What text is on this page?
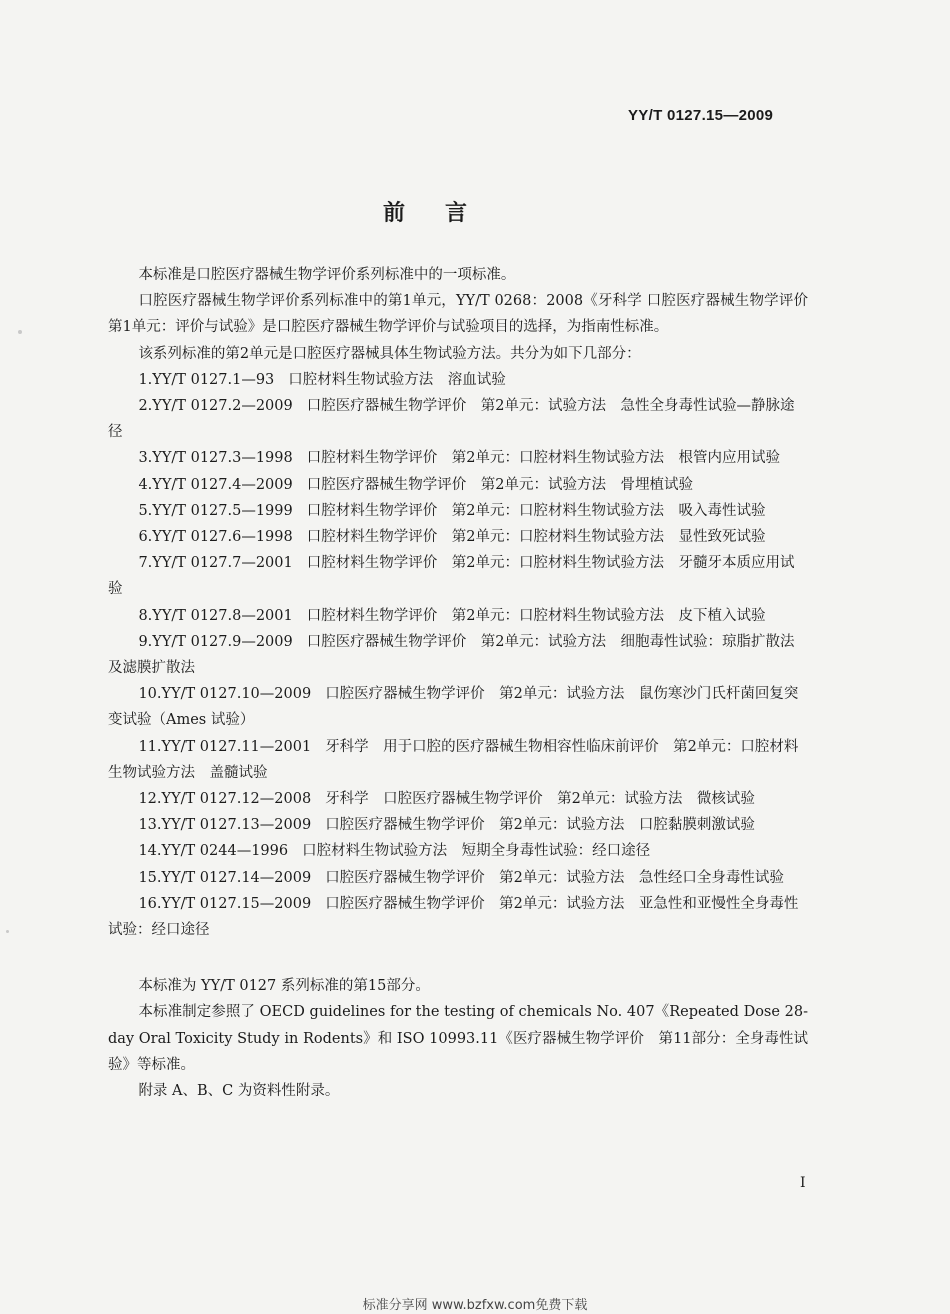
YY/T 0127.15—2009
前言

本标准是口腔医疗器械生物学评价系列标准中的一项标准。

口腔医疗器械生物学评价系列标准中的第1单元，YY/T 0268：2008《牙科学 口腔医疗器械生物学评价 第1单元：评价与试验》是口腔医疗器械生物学评价与试验项目的选择，为指南性标准。

该系列标准的第2单元是口腔医疗器械具体生物试验方法。共分为如下几部分：

1.YY/T 0127.1—93 口腔材料生物试验方法　溶血试验
2.YY/T 0127.2—2009 口腔医疗器械生物学评价　第2单元：试验方法　急性全身毒性试验—静脉途径
3.YY/T 0127.3—1998 口腔材料生物学评价　第2单元：口腔材料生物试验方法　根管内应用试验
4.YY/T 0127.4—2009 口腔医疗器械生物学评价　第2单元：试验方法　骨埋植试验
5.YY/T 0127.5—1999 口腔材料生物学评价　第2单元：口腔材料生物试验方法　吸入毒性试验
6.YY/T 0127.6—1998 口腔材料生物学评价　第2单元：口腔材料生物试验方法　显性致死试验
7.YY/T 0127.7—2001 口腔材料生物学评价　第2单元：口腔材料生物试验方法　牙髓牙本质应用试验
8.YY/T 0127.8—2001 口腔材料生物学评价　第2单元：口腔材料生物试验方法　皮下植入试验
9.YY/T 0127.9—2009 口腔医疗器械生物学评价　第2单元：试验方法　细胞毒性试验：琼脂扩散法及滤膜扩散法
10.YY/T 0127.10—2009 口腔医疗器械生物学评价　第2单元：试验方法　鼠伤寒沙门氏杆菌回复突变试验（Ames 试验）
11.YY/T 0127.11—2001 牙科学　用于口腔的医疗器械生物相容性临床前评价　第2单元：口腔材料生物试验方法　盖髓试验
12.YY/T 0127.12—2008 牙科学　口腔医疗器械生物学评价　第2单元：试验方法　微核试验
13.YY/T 0127.13—2009 口腔医疗器械生物学评价　第2单元：试验方法　口腔黏膜刺激试验
14.YY/T 0244—1996 口腔材料生物试验方法　短期全身毒性试验：经口途径
15.YY/T 0127.14—2009 口腔医疗器械生物学评价　第2单元：试验方法　急性经口全身毒性试验
16.YY/T 0127.15—2009 口腔医疗器械生物学评价　第2单元：试验方法　亚急性和亚慢性全身毒性试验：经口途径

本标准为 YY/T 0127 系列标准的第15部分。

本标准制定参照了 OECD guidelines for the testing of chemicals No. 407《Repeated Dose 28-day Oral Toxicity Study in Rodents》和 ISO 10993.11《医疗器械生物学评价　第11部分：全身毒性试验》等标准。

附录 A、B、C 为资料性附录。

I
标准分享网 www.bzfxw.com免费下载
